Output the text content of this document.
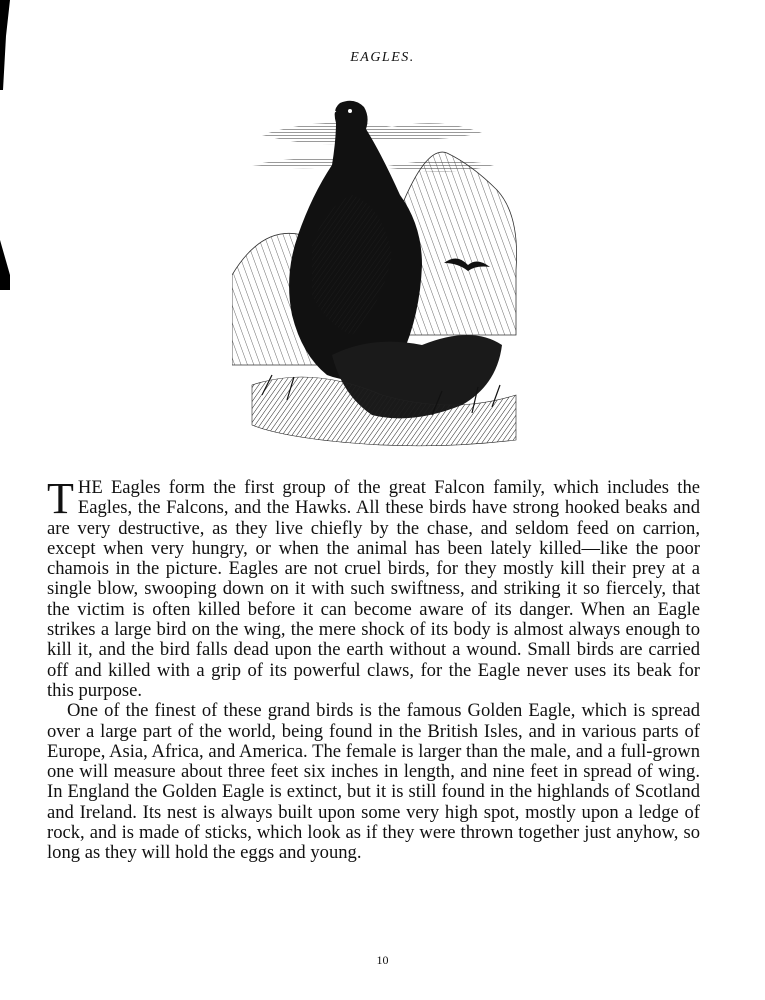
EAGLES.

THE Eagles form the first group of the great Falcon family, which includes the Eagles, the Falcons, and the Hawks. All these birds have strong hooked beaks and are very destructive, as they live chiefly by the chase, and seldom feed on carrion, except when very hungry, or when the animal has been lately killed—like the poor chamois in the picture. Eagles are not cruel birds, for they mostly kill their prey at a single blow, swooping down on it with such swiftness, and striking it so fiercely, that the victim is often killed before it can become aware of its danger. When an Eagle strikes a large bird on the wing, the mere shock of its body is almost always enough to kill it, and the bird falls dead upon the earth without a wound. Small birds are carried off and killed with a grip of its powerful claws, for the Eagle never uses its beak for this purpose.

One of the finest of these grand birds is the famous Golden Eagle, which is spread over a large part of the world, being found in the British Isles, and in various parts of Europe, Asia, Africa, and America. The female is larger than the male, and a full-grown one will measure about three feet six inches in length, and nine feet in spread of wing. In England the Golden Eagle is extinct, but it is still found in the highlands of Scotland and Ireland. Its nest is always built upon some very high spot, mostly upon a ledge of rock, and is made of sticks, which look as if they were thrown together just anyhow, so long as they will hold the eggs and young.

10
